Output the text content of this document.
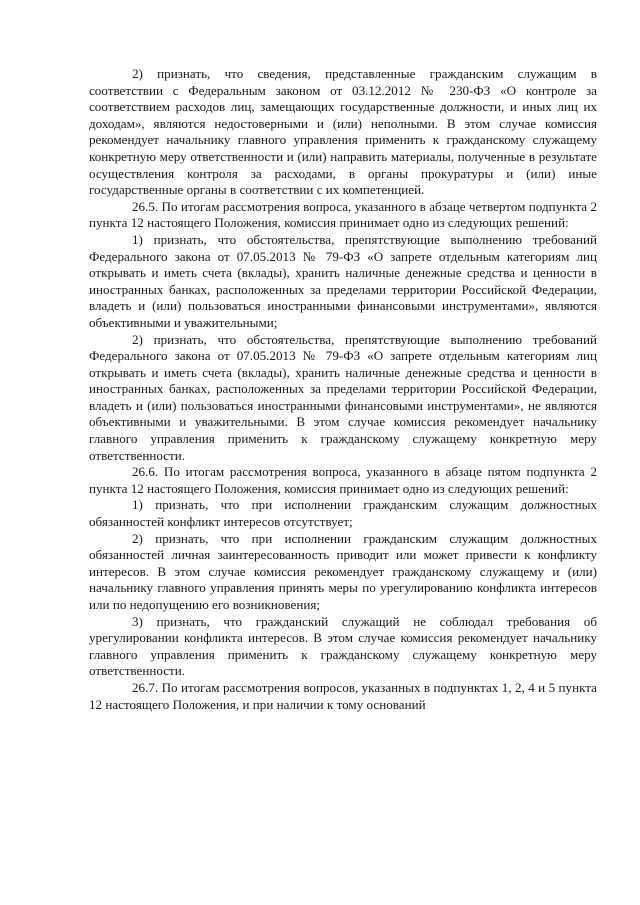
2) признать, что сведения, представленные гражданским служащим в соответствии с Федеральным законом от 03.12.2012 № 230-ФЗ «О контроле за соответствием расходов лиц, замещающих государственные должности, и иных лиц их доходам», являются недостоверными и (или) неполными. В этом случае комиссия рекомендует начальнику главного управления применить к гражданскому служащему конкретную меру ответственности и (или) направить материалы, полученные в результате осуществления контроля за расходами, в органы прокуратуры и (или) иные государственные органы в соответствии с их компетенцией.

26.5. По итогам рассмотрения вопроса, указанного в абзаце четвертом подпункта 2 пункта 12 настоящего Положения, комиссия принимает одно из следующих решений:

1) признать, что обстоятельства, препятствующие выполнению требований Федерального закона от 07.05.2013 № 79-ФЗ «О запрете отдельным категориям лиц открывать и иметь счета (вклады), хранить наличные денежные средства и ценности в иностранных банках, расположенных за пределами территории Российской Федерации, владеть и (или) пользоваться иностранными финансовыми инструментами», являются объективными и уважительными;

2) признать, что обстоятельства, препятствующие выполнению требований Федерального закона от 07.05.2013 № 79-ФЗ «О запрете отдельным категориям лиц открывать и иметь счета (вклады), хранить наличные денежные средства и ценности в иностранных банках, расположенных за пределами территории Российской Федерации, владеть и (или) пользоваться иностранными финансовыми инструментами», не являются объективными и уважительными. В этом случае комиссия рекомендует начальнику главного управления применить к гражданскому служащему конкретную меру ответственности.

26.6. По итогам рассмотрения вопроса, указанного в абзаце пятом подпункта 2 пункта 12 настоящего Положения, комиссия принимает одно из следующих решений:

1) признать, что при исполнении гражданским служащим должностных обязанностей конфликт интересов отсутствует;

2) признать, что при исполнении гражданским служащим должностных обязанностей личная заинтересованность приводит или может привести к конфликту интересов. В этом случае комиссия рекомендует гражданскому служащему и (или) начальнику главного управления принять меры по урегулированию конфликта интересов или по недопущению его возникновения;

3) признать, что гражданский служащий не соблюдал требования об урегулировании конфликта интересов. В этом случае комиссия рекомендует начальнику главного управления применить к гражданскому служащему конкретную меру ответственности.

26.7. По итогам рассмотрения вопросов, указанных в подпунктах 1, 2, 4 и 5 пункта 12 настоящего Положения, и при наличии к тому оснований
